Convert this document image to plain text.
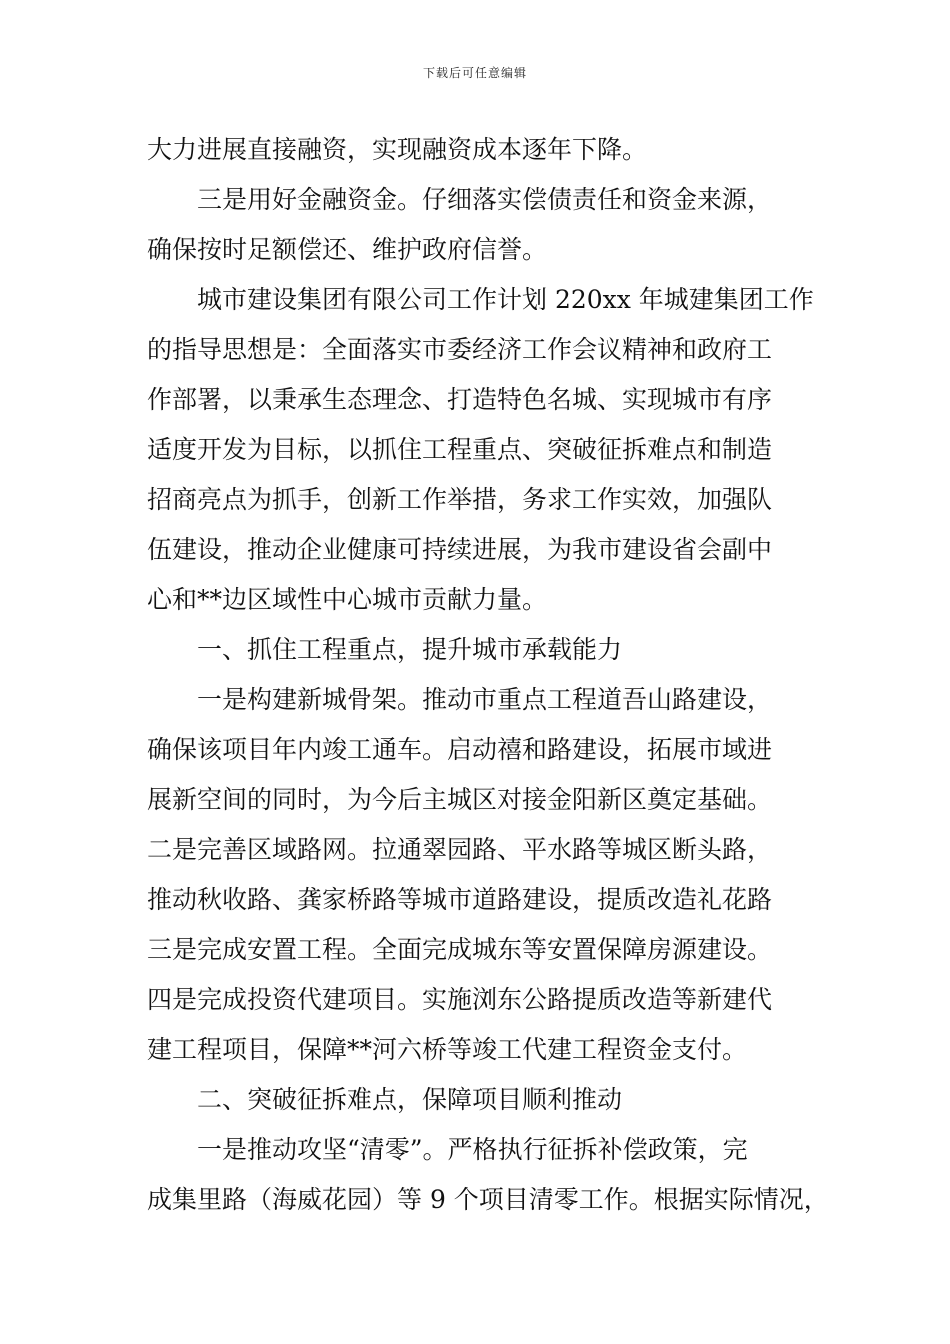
下载后可任意编辑
大力进展直接融资，实现融资成本逐年下降。
三是用好金融资金。仔细落实偿债责任和资金来源，
确保按时足额偿还、维护政府信誉。
城市建设集团有限公司工作计划 220xx 年城建集团工作
的指导思想是：全面落实市委经济工作会议精神和政府工
作部署，以秉承生态理念、打造特色名城、实现城市有序
适度开发为目标，以抓住工程重点、突破征拆难点和制造
招商亮点为抓手，创新工作举措，务求工作实效，加强队
伍建设，推动企业健康可持续进展，为我市建设省会副中
心和**边区域性中心城市贡献力量。
一、抓住工程重点，提升城市承载能力
一是构建新城骨架。推动市重点工程道吾山路建设，
确保该项目年内竣工通车。启动禧和路建设，拓展市域进
展新空间的同时，为今后主城区对接金阳新区奠定基础。
二是完善区域路网。拉通翠园路、平水路等城区断头路，
推动秋收路、龚家桥路等城市道路建设，提质改造礼花路
三是完成安置工程。全面完成城东等安置保障房源建设。
四是完成投资代建项目。实施浏东公路提质改造等新建代
建工程项目，保障**河六桥等竣工代建工程资金支付。
二、突破征拆难点，保障项目顺利推动
一是推动攻坚“清零”。严格执行征拆补偿政策，完
成集里路（海威花园）等 9 个项目清零工作。根据实际情况，
